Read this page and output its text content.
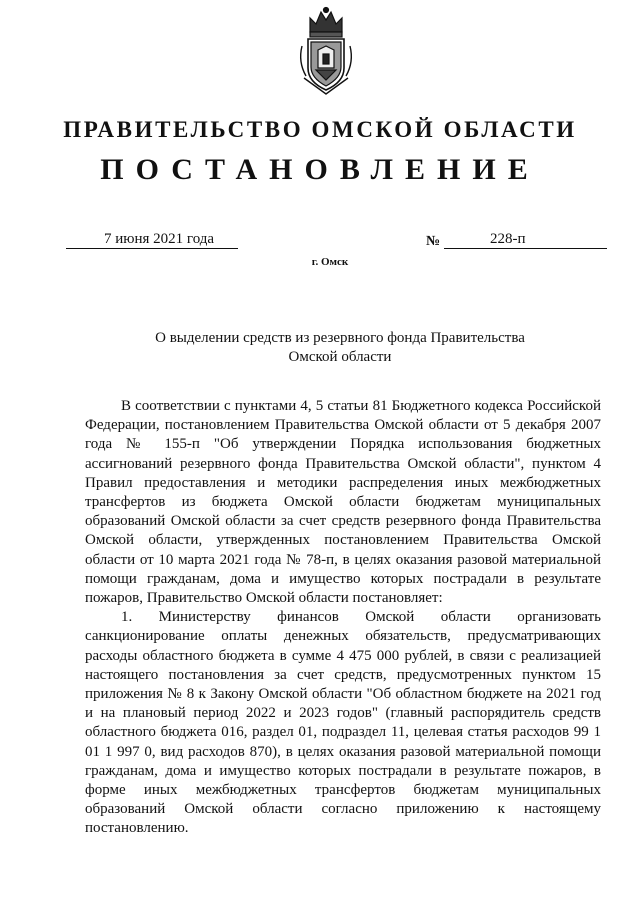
ПРАВИТЕЛЬСТВО ОМСКОЙ ОБЛАСТИ
ПОСТАНОВЛЕНИЕ
7 июня 2021 года	№	228-п
г. Омск
О выделении средств из резервного фонда Правительства
Омской области

В соответствии с пунктами 4, 5 статьи 81 Бюджетного кодекса Российской Федерации, постановлением Правительства Омской области от 5 декабря 2007 года № 155-п "Об утверждении Порядка использования бюджетных ассигнований резервного фонда Правительства Омской области", пунктом 4 Правил предоставления и методики распределения иных межбюджетных трансфертов из бюджета Омской области бюджетам муниципальных образований Омской области за счет средств резервного фонда Правительства Омской области, утвержденных постановлением Правительства Омской области от 10 марта 2021 года № 78-п, в целях оказания разовой материальной помощи гражданам, дома и имущество которых пострадали в результате пожаров, Правительство Омской области постановляет:

1. Министерству финансов Омской области организовать санкционирование оплаты денежных обязательств, предусматривающих расходы областного бюджета в сумме 4 475 000 рублей, в связи с реализацией настоящего постановления за счет средств, предусмотренных пунктом 15 приложения № 8 к Закону Омской области "Об областном бюджете на 2021 год и на плановый период 2022 и 2023 годов" (главный распорядитель средств областного бюджета 016, раздел 01, подраздел 11, целевая статья расходов 99 1 01 1 997 0, вид расходов 870), в целях оказания разовой материальной помощи гражданам, дома и имущество которых пострадали в результате пожаров, в форме иных межбюджетных трансфертов бюджетам муниципальных образований Омской области согласно приложению к настоящему постановлению.
